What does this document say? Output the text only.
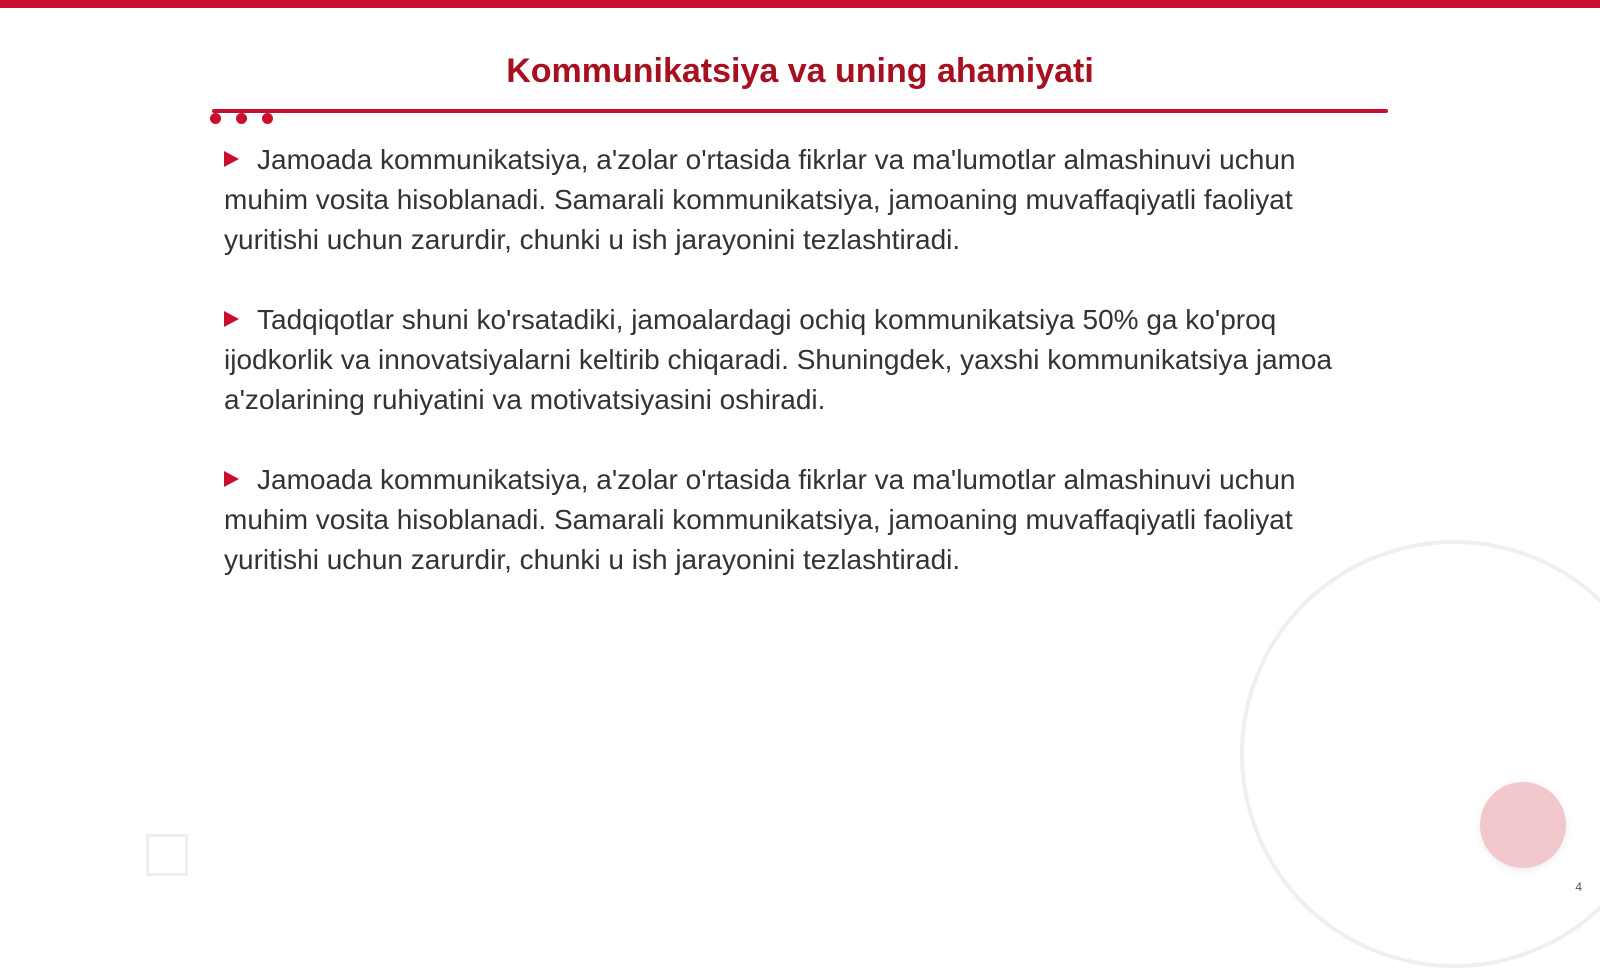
Kommunikatsiya va uning ahamiyati

Jamoada kommunikatsiya, a'zolar o'rtasida fikrlar va ma'lumotlar almashinuvi uchun muhim vosita hisoblanadi. Samarali kommunikatsiya, jamoaning muvaffaqiyatli faoliyat yuritishi uchun zarurdir, chunki u ish jarayonini tezlashtiradi.

Tadqiqotlar shuni ko'rsatadiki, jamoalardagi ochiq kommunikatsiya 50% ga ko'proq ijodkorlik va innovatsiyalarni keltirib chiqaradi. Shuningdek, yaxshi kommunikatsiya jamoa a'zolarining ruhiyatini va motivatsiyasini oshiradi.

Jamoada kommunikatsiya, a'zolar o'rtasida fikrlar va ma'lumotlar almashinuvi uchun muhim vosita hisoblanadi. Samarali kommunikatsiya, jamoaning muvaffaqiyatli faoliyat yuritishi uchun zarurdir, chunki u ish jarayonini tezlashtiradi.

4
